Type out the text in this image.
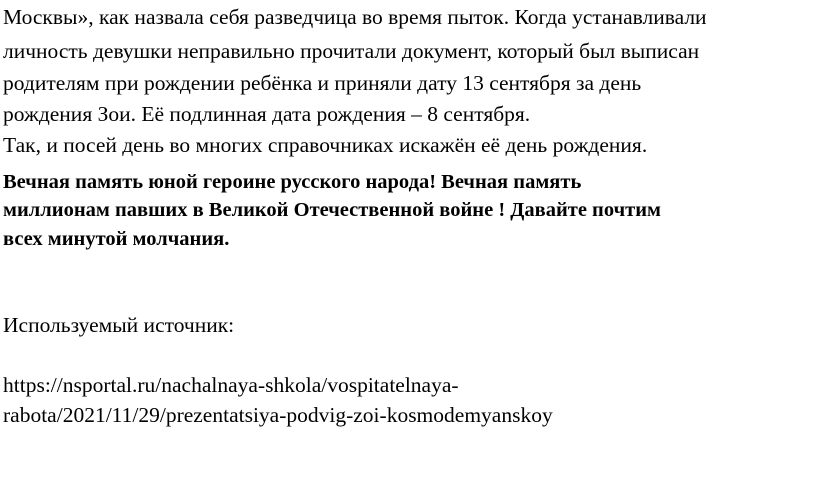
Москвы», как назвала себя разведчица во время пыток. Когда устанавливали
личность девушки неправильно прочитали документ, который был выписан
родителям при рождении ребёнка и приняли дату 13 сентября за день
рождения Зои. Её подлинная дата рождения – 8 сентября.
Так, и посей день во многих справочниках искажён её день рождения.
Вечная память юной героине русского народа! Вечная память
миллионам павших в Великой Отечественной войне ! Давайте почтим
всех минутой молчания.
Используемый источник:
https://nsportal.ru/nachalnaya-shkola/vospitatelnaya-
rabota/2021/11/29/prezentatsiya-podvig-zoi-kosmodemyanskoy
